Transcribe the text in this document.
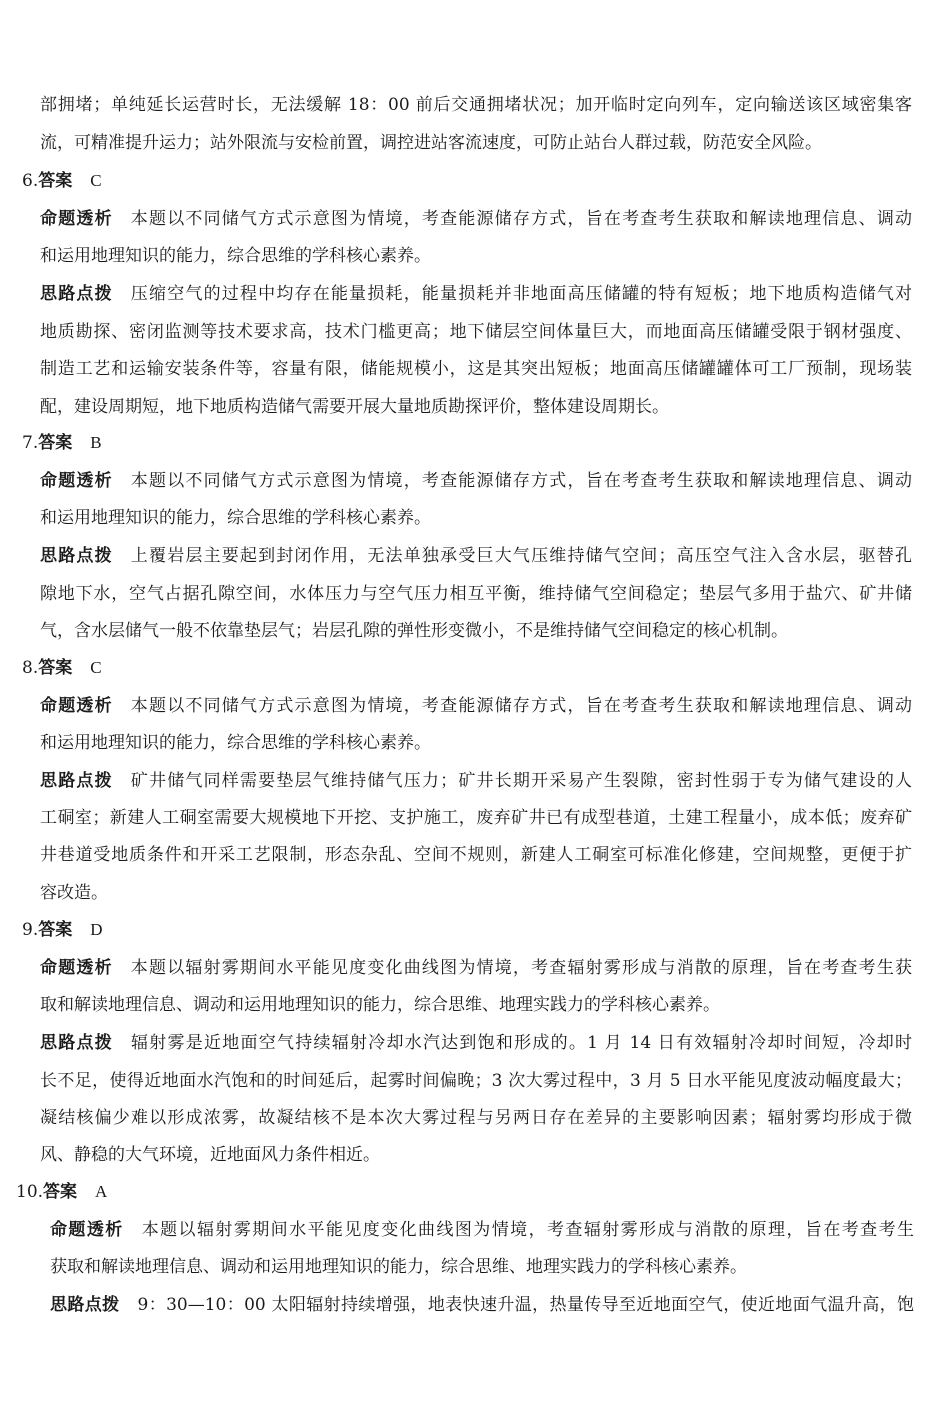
部拥堵；单纯延长运营时长，无法缓解 18：00 前后交通拥堵状况；加开临时定向列车，定向输送该区域密集客
流，可精准提升运力；站外限流与安检前置，调控进站客流速度，可防止站台人群过载，防范安全风险。
6.答案 C
命题透析 本题以不同储气方式示意图为情境，考查能源储存方式，旨在考查考生获取和解读地理信息、调动
和运用地理知识的能力，综合思维的学科核心素养。
思路点拨 压缩空气的过程中均存在能量损耗，能量损耗并非地面高压储罐的特有短板；地下地质构造储气对
地质勘探、密闭监测等技术要求高，技术门槛更高；地下储层空间体量巨大，而地面高压储罐受限于钢材强度、
制造工艺和运输安装条件等，容量有限，储能规模小，这是其突出短板；地面高压储罐罐体可工厂预制，现场装
配，建设周期短，地下地质构造储气需要开展大量地质勘探评价，整体建设周期长。
7.答案 B
命题透析 本题以不同储气方式示意图为情境，考查能源储存方式，旨在考查考生获取和解读地理信息、调动
和运用地理知识的能力，综合思维的学科核心素养。
思路点拨 上覆岩层主要起到封闭作用，无法单独承受巨大气压维持储气空间；高压空气注入含水层，驱替孔
隙地下水，空气占据孔隙空间，水体压力与空气压力相互平衡，维持储气空间稳定；垫层气多用于盐穴、矿井储
气，含水层储气一般不依靠垫层气；岩层孔隙的弹性形变微小，不是维持储气空间稳定的核心机制。
8.答案 C
命题透析 本题以不同储气方式示意图为情境，考查能源储存方式，旨在考查考生获取和解读地理信息、调动
和运用地理知识的能力，综合思维的学科核心素养。
思路点拨 矿井储气同样需要垫层气维持储气压力；矿井长期开采易产生裂隙，密封性弱于专为储气建设的人
工硐室；新建人工硐室需要大规模地下开挖、支护施工，废弃矿井已有成型巷道，土建工程量小，成本低；废弃矿
井巷道受地质条件和开采工艺限制，形态杂乱、空间不规则，新建人工硐室可标准化修建，空间规整，更便于扩
容改造。
9.答案 D
命题透析 本题以辐射雾期间水平能见度变化曲线图为情境，考查辐射雾形成与消散的原理，旨在考查考生获
取和解读地理信息、调动和运用地理知识的能力，综合思维、地理实践力的学科核心素养。
思路点拨 辐射雾是近地面空气持续辐射冷却水汽达到饱和形成的。1 月 14 日有效辐射冷却时间短，冷却时
长不足，使得近地面水汽饱和的时间延后，起雾时间偏晚；3 次大雾过程中，3 月 5 日水平能见度波动幅度最大；
凝结核偏少难以形成浓雾，故凝结核不是本次大雾过程与另两日存在差异的主要影响因素；辐射雾均形成于微
风、静稳的大气环境，近地面风力条件相近。
10.答案 A
命题透析 本题以辐射雾期间水平能见度变化曲线图为情境，考查辐射雾形成与消散的原理，旨在考查考生
获取和解读地理信息、调动和运用地理知识的能力，综合思维、地理实践力的学科核心素养。
思路点拨 9：30—10：00 太阳辐射持续增强，地表快速升温，热量传导至近地面空气，使近地面气温升高，饱
